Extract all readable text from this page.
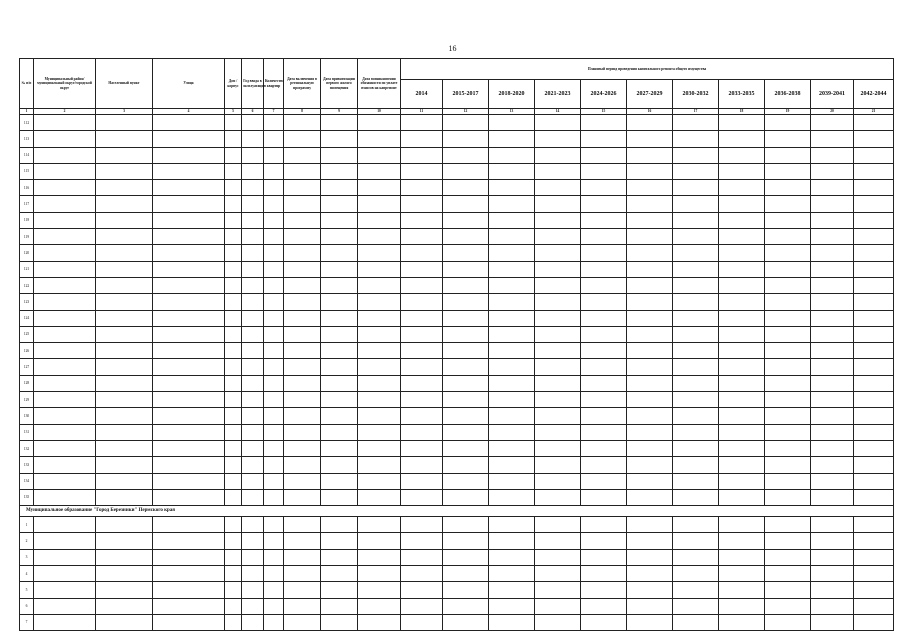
16
№ п/п	Муниципальный район/муниципальный округ/городской округ	Населенный пункт	Улица	Дом / корпус	Год ввода в эксплуатацию	Количество квартир	Дата включения в региональную программу	Дата приватизации первого жилого помещения	Дата возникновения обязанности по уплате взносов на капремонт	Плановый период проведения капитального ремонта общего имущества										
										2014	2015-2017	2018-2020	2021-2023	2024-2026	2027-2029	2030-2032	2033-2035	2036-2038	2039-2041	2042-2044
1	2	3	4	5	6	7	8	9	10	11	12	13	14	15	16	17	18	19	20	21
112																				
113																				
114																				
115																				
116																				
117																				
118																				
119																				
120																				
121																				
122																				
123																				
124																				
125																				
126																				
127																				
128																				
129																				
130																				
131																				
132																				
133																				
134																				
135																				
Муниципальное образование "Город Березники" Пермского края																				
1																				
2																				
3																				
4																				
5																				
6																				
7																				
